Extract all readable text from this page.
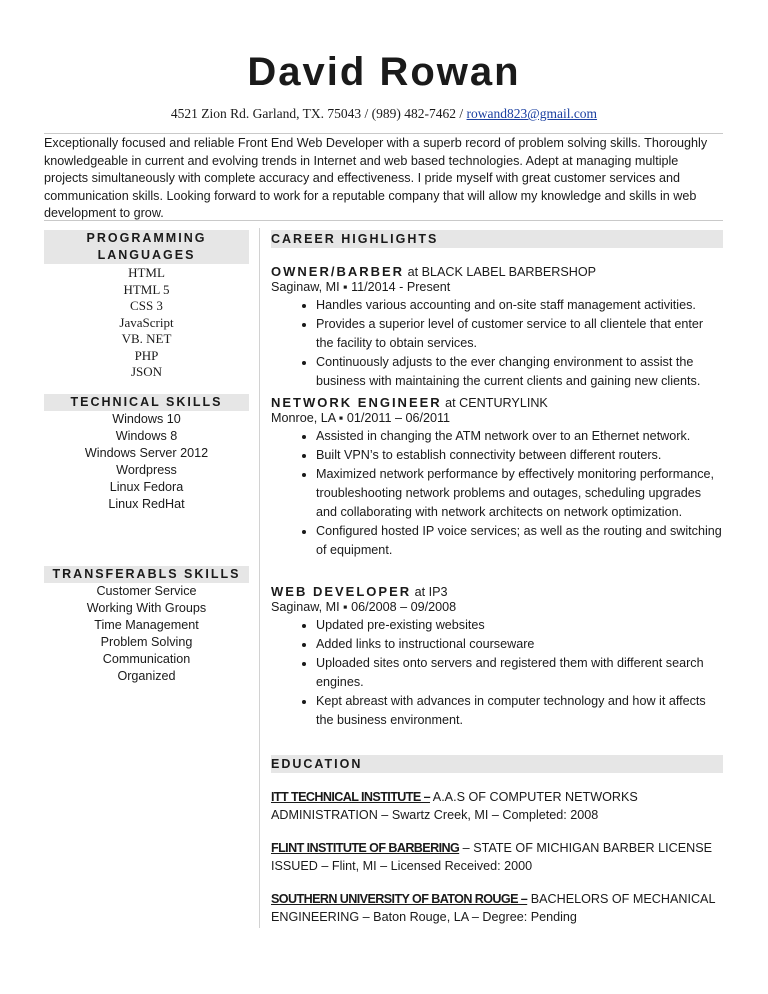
David Rowan
4521 Zion Rd. Garland, TX. 75043 / (989) 482-7462 / rowand823@gmail.com
Exceptionally focused and reliable Front End Web Developer with a superb record of problem solving skills. Thoroughly knowledgeable in current and evolving trends in Internet and web based technologies. Adept at managing multiple projects simultaneously with complete accuracy and effectiveness. I pride myself with great customer services and communication skills. Looking forward to work for a reputable company that will allow my knowledge and skills in web development to grow.
PROGRAMMING
LANGUAGES
HTML
HTML 5
CSS 3
JavaScript
VB. NET
PHP
JSON
TECHNICAL SKILLS
Windows 10
Windows 8
Windows Server 2012
Wordpress
Linux Fedora
Linux RedHat
TRANSFERABLS SKILLS
Customer Service
Working With Groups
Time Management
Problem Solving
Communication
Organized
CAREER HIGHLIGHTS
OWNER/BARBER at BLACK LABEL BARBERSHOP
Saginaw, MI ▪ 11/2014 - Present
• Handles various accounting and on-site staff management activities.
• Provides a superior level of customer service to all clientele that enter the facility to obtain services.
• Continuously adjusts to the ever changing environment to assist the business with maintaining the current clients and gaining new clients.
NETWORK ENGINEER at CENTURYLINK
Monroe, LA ▪ 01/2011 – 06/2011
• Assisted in changing the ATM network over to an Ethernet network.
• Built VPN’s to establish connectivity between different routers.
• Maximized network performance by effectively monitoring performance, troubleshooting network problems and outages, scheduling upgrades and collaborating with network architects on network optimization.
• Configured hosted IP voice services; as well as the routing and switching of equipment.
WEB DEVELOPER at IP3
Saginaw, MI ▪ 06/2008 – 09/2008
• Updated pre-existing websites
• Added links to instructional courseware
• Uploaded sites onto servers and registered them with different search engines.
• Kept abreast with advances in computer technology and how it affects the business environment.
EDUCATION
ITT TECHNICAL INSTITUTE – A.A.S OF COMPUTER NETWORKS
ADMINISTRATION – Swartz Creek, MI – Completed: 2008
FLINT INSTITUTE OF BARBERING – STATE OF MICHIGAN BARBER LICENSE
ISSUED – Flint, MI – Licensed Received: 2000
SOUTHERN UNIVERSITY OF BATON ROUGE – BACHELORS OF MECHANICAL
ENGINEERING – Baton Rouge, LA – Degree: Pending
